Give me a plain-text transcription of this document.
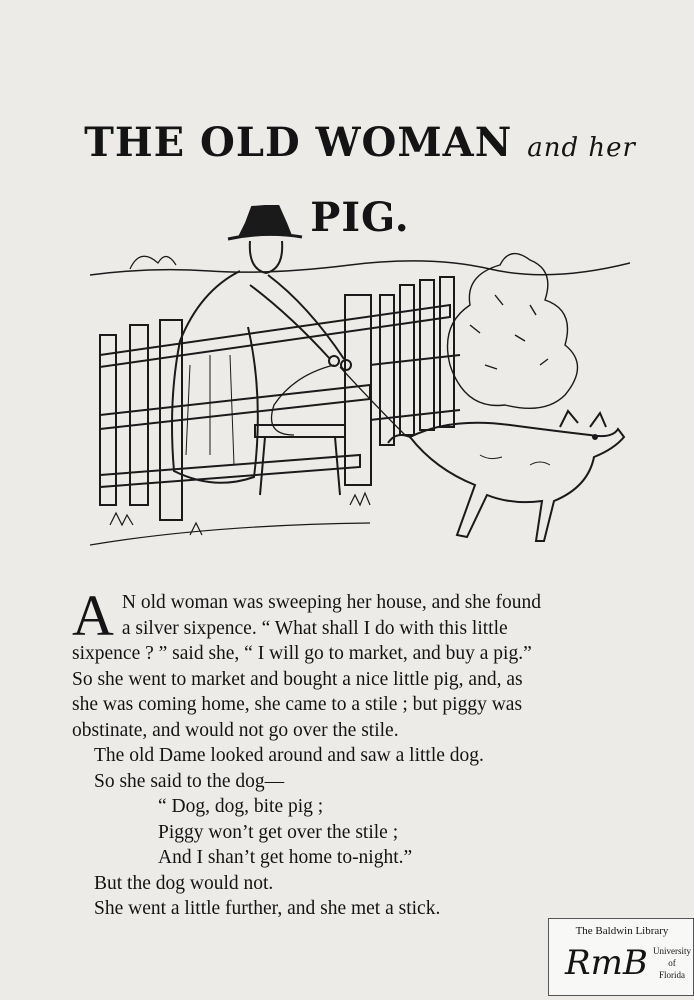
THE OLD WOMAN and her PIG.

A N old woman was sweeping her house, and she found
a silver sixpence. “ What shall I do with this little
sixpence ? ” said she, “ I will go to market, and buy a pig.”
So she went to market and bought a nice little pig, and, as
she was coming home, she came to a stile ; but piggy was
obstinate, and would not go over the stile.

The old Dame looked around and saw a little dog.

So she said to the dog—

“ Dog, dog, bite pig ;

Piggy won’t get over the stile ;

And I shan’t get home to-night.”

But the dog would not.

She went a little further, and she met a stick.

The Baldwin Library
RmB University
of
Florida
